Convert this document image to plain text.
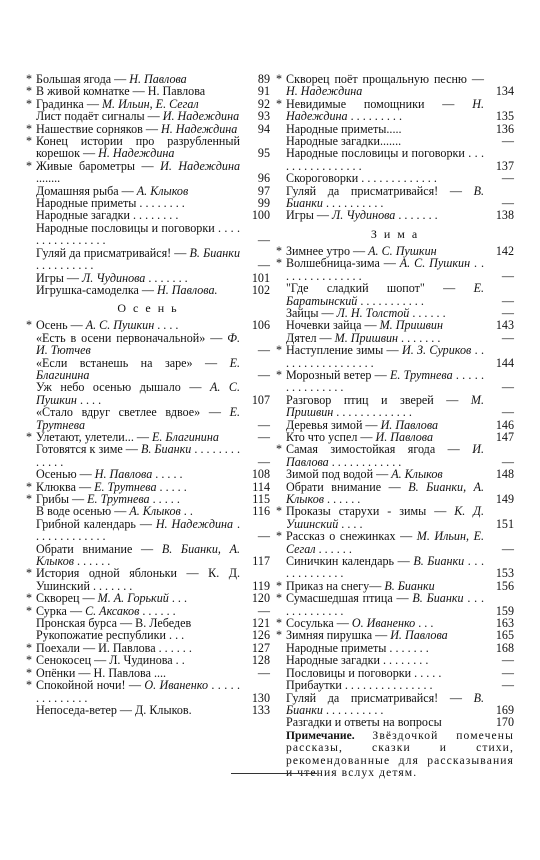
* Большая ягода — Н. Павлова	89
* В живой комнатке — Н. Павлова	91
* Градинка — М. Ильин, Е. Сегал	92
Лист подаёт сигналы — И. Надеждина 93
* Нашествие сорняков — Н. Надеждина 94
* Конец истории про разрубленный корешок — Н. Надеждина	95
* Живые барометры — И. Надеждина ........	96
Домашняя рыба — А. Клыков	97
Народные приметы . . . . . . . .	99
Народные загадки . . . . . . . .	100
Народные пословицы и поговорки . . . . . . . . . . . . . . . .	—
Гуляй да присматривайся! — В. Бианки . . . . . . . . . .	—
Игры — Л. Чудинова . . . . . . .	101
Игрушка-самоделка — Н. Павлова.	102
О с е н ь
* Осень — А. С. Пушкин . . . .	106
«Есть в осени первоначальной» — Ф. И. Тютчев	—
«Если встанешь на заре» — Е. Благинина	—
Уж небо осенью дышало — А. С. Пушкин . . . .	107
«Стало вдруг светлее вдвое» — Е. Трутнева	—
* Улетают, улетели... — Е. Благинина	—
Готовятся к зиме — В. Бианки . . . . . . . . . . . . .	—
Осенью — Н. Павлова . . . . .	108
* Клюква — Е. Трутнева . . . . .	114
* Грибы — Е. Трутнева . . . . .	115
В воде осенью — А. Клыков . .	116
Грибной календарь — Н. Надеждина . . . . . . . . . . . . .	—
Обрати внимание — В. Бианки, А. Клыков . . . . . .	117
* История одной яблоньки — К. Д. Ушинский . . . . . . .	119
* Скворец — М. А. Горький . . .	120
* Сурка — С. Аксаков . . . . . .	—
Пронская бурса — В. Лебедев	121
Рукопожатие республики . . .	126
* Поехали — И. Павлова . . . . . .	127
* Сенокосец — Л. Чудинова . .	128
* Опёнки — Н. Павлова ....	—
* Спокойной ночи! — О. Иваненко . . . . . . . . . . . . . .	130
Непоседа-ветер — Д. Клыков.	133
* Скворец поёт прощальную песню — Н. Надеждина	134
* Невидимые помощники — Н. Надеждина . . . . . . . . .	135
Народные приметы.....	136
Народные загадки.......	—
Народные пословицы и поговорки . . . . . . . . . . . . . . . .	137
Скороговорки . . . . . . . . . . . . .	—
Гуляй да присматривайся! — В. Бианки . . . . . . . . . .	—
Игры — Л. Чудинова . . . . . . .	138
З и м а
* Зимнее утро — А. С. Пушкин	142
* Волшебница-зима — А. С. Пушкин . . . . . . . . . . . . . . .	—
"Где сладкий шопот" — Е. Баратынский . . . . . . . . . . .	—
Зайцы — Л. Н. Толстой . . . . . .	—
Ночевки зайца — М. Пришвин	143
Дятел — М. Пришвин . . . . . . .	—
* Наступление зимы — И. З. Суриков . . . . . . . . . . . . . . . . .	144
* Морозный ветер — Е. Трутнева . . . . . . . . . . . . . . .	—
Разговор птиц и зверей — М. Пришвин . . . . . . . . . . . . .	—
Деревья зимой — И. Павлова	146
Кто что успел — И. Павлова	147
* Самая зимостойкая ягода — И. Павлова . . . . . . . . . . . .	—
Зимой под водой — А. Клыков	148
Обрати внимание — В. Бианки, А. Клыков . . . . . .	149
* Проказы старухи - зимы — К. Д. Ушинский . . . .	151
* Рассказ о снежинках — М. Ильин, Е. Сегал . . . . . .	—
Синичкин календарь — В. Бианки . . . . . . . . . . . . .	153
* Приказ на снегу— В. Бианки	156
* Сумасшедшая птица — В. Бианки . . . . . . . . . . . . .	159
* Сосулька — О. Иваненко . . .	163
* Зимняя пирушка — И. Павлова	165
Народные приметы . . . . . . .	168
Народные загадки . . . . . . . .	—
Пословицы и поговорки . . . . .	—
Прибаутки . . . . . . . . . . . . . . .	—
Гуляй да присматривайся! — В. Бианки . . . . . . . . . .	169
Разгадки и ответы на вопросы	170
Примечание. Звёздочкой помечены рассказы, сказки и стихи, рекомендованные для рассказывания и чтения вслух детям.
